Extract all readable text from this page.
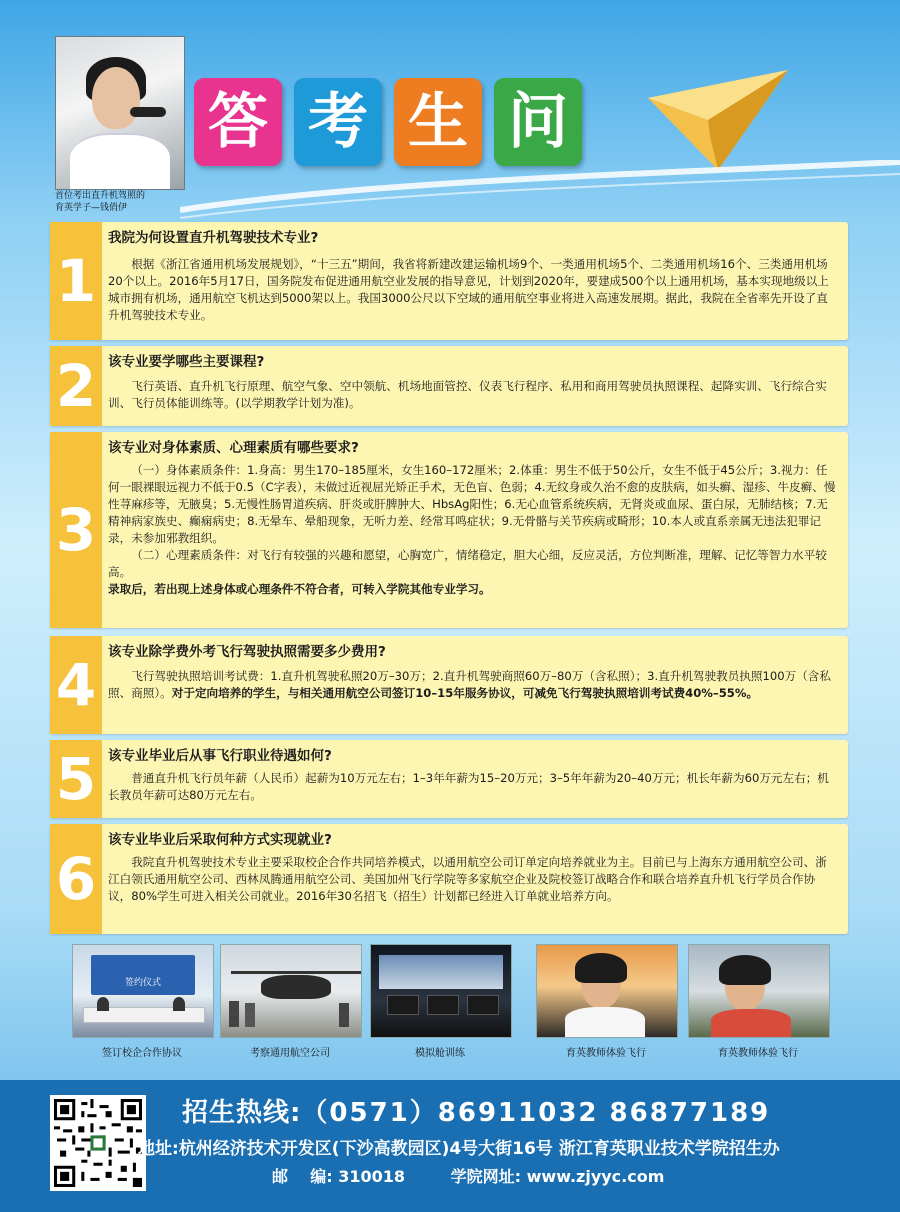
首位考出直升机驾照的
育英学子—钱俏伊
答 考 生 问
1
我院为何设置直升机驾驶技术专业?

根据《浙江省通用机场发展规划》，“十三五”期间，我省将新建改建运输机场9个、一类通用机场5个、二类通用机场16个、三类通用机场20个以上。2016年5月17日，国务院发布促进通用航空业发展的指导意见，计划到2020年，要建成500个以上通用机场，基本实现地级以上城市拥有机场，通用航空飞机达到5000架以上。我国3000公尺以下空域的通用航空事业将进入高速发展期。据此，我院在全省率先开设了直升机驾驶技术专业。

2 该专业要学哪些主要课程?

飞行英语、直升机飞行原理、航空气象、空中领航、机场地面管控、仪表飞行程序、私用和商用驾驶员执照课程、起降实训、飞行综合实训、飞行员体能训练等。(以学期教学计划为准)。

3
该专业对身体素质、心理素质有哪些要求?

（一）身体素质条件：1.身高：男生170–185厘米，女生160–172厘米；2.体重：男生不低于50公斤，女生不低于45公斤；3.视力：任何一眼裸眼远视力不低于0.5（C字表），未做过近视屈光矫正手术，无色盲、色弱；4.无纹身或久治不愈的皮肤病，如头癣、湿疹、牛皮癣、慢性荨麻疹等，无腋臭；5.无慢性肠胃道疾病、肝炎或肝脾肿大、HbsAg阳性；6.无心血管系统疾病，无肾炎或血尿、蛋白尿，无肺结核；7.无精神病家族史、癫痫病史；8.无晕车、晕船现象，无听力差、经常耳鸣症状；9.无骨骼与关节疾病或畸形；10.本人或直系亲属无违法犯罪记录，未参加邪教组织。

（二）心理素质条件：对飞行有较强的兴趣和愿望，心胸宽广，情绪稳定，胆大心细，反应灵活，方位判断准，理解、记忆等智力水平较高。

录取后，若出现上述身体或心理条件不符合者，可转入学院其他专业学习。

4 该专业除学费外考飞行驾驶执照需要多少费用?

飞行驾驶执照培训考试费：1.直升机驾驶私照20万–30万；2.直升机驾驶商照60万–80万（含私照）；3.直升机驾驶教员执照100万（含私照、商照）。对于定向培养的学生，与相关通用航空公司签订10–15年服务协议，可减免飞行驾驶执照培训考试费40%–55%。

5 该专业毕业后从事飞行职业待遇如何?

普通直升机飞行员年薪（人民币）起薪为10万元左右；1–3年年薪为15–20万元；3–5年年薪为20–40万元；机长年薪为60万元左右；机长教员年薪可达80万元左右。

6
该专业毕业后采取何种方式实现就业?

我院直升机驾驶技术专业主要采取校企合作共同培养模式，以通用航空公司订单定向培养就业为主。目前已与上海东方通用航空公司、浙江白领氏通用航空公司、西林凤腾通用航空公司、美国加州飞行学院等多家航空企业及院校签订战略合作和联合培养直升机飞行学员合作协议，80%学生可进入相关公司就业。2016年30名招飞（招生）计划都已经进入订单就业培养方向。

签约仪式
签订校企合作协议	考察通用航空公司	模拟舱训练	育英教师体验飞行	育英教师体验飞行
招生热线:（0571）86911032 86877189
地址:杭州经济技术开发区(下沙高教园区)4号大街16号 浙江育英职业技术学院招生办
邮    编: 310018	学院网址: www.zjyyc.com
